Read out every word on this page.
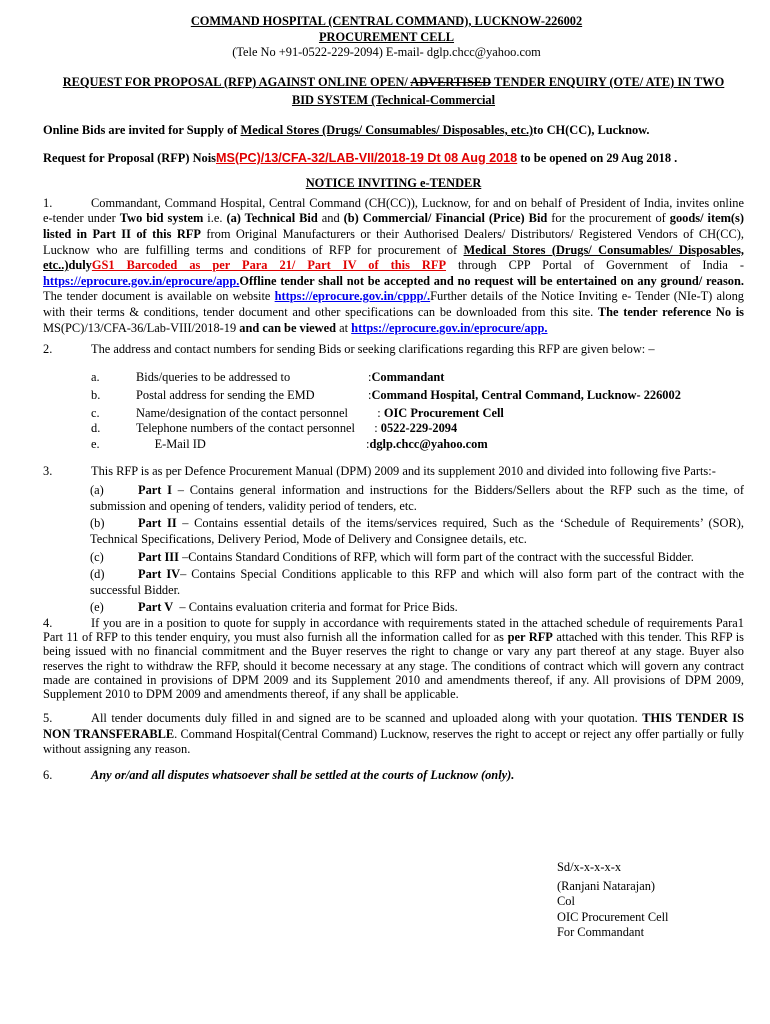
COMMAND HOSPITAL (CENTRAL COMMAND), LUCKNOW-226002

PROCUREMENT CELL

(Tele No +91-0522-229-2094) E-mail- dglp.chcc@yahoo.com

REQUEST FOR PROPOSAL (RFP) AGAINST ONLINE OPEN/ ADVERTISED TENDER ENQUIRY (OTE/ ATE) IN TWO

BID SYSTEM (Technical-Commercial

Online Bids are invited for Supply of Medical Stores (Drugs/ Consumables/ Disposables, etc.)to CH(CC), Lucknow.

Request for Proposal (RFP) NoisMS(PC)/13/CFA-32/LAB-VII/2018-19 Dt 08 Aug 2018 to be opened on 29 Aug 2018 .

NOTICE INVITING e-TENDER

1.	Commandant, Command Hospital, Central Command (CH(CC)), Lucknow, for and on behalf of President of India, invites online e-tender under Two bid system i.e. (a) Technical Bid and (b) Commercial/ Financial (Price) Bid for the procurement of goods/ item(s) listed in Part II of this RFP from Original Manufacturers or their Authorised Dealers/ Distributors/ Registered Vendors of CH(CC), Lucknow who are fulfilling terms and conditions of RFP for procurement of Medical Stores (Drugs/ Consumables/ Disposables, etc..)dulyGS1 Barcoded as per Para 21/ Part IV of this RFP through CPP Portal of Government of India - https://eprocure.gov.in/eprocure/app.Offline tender shall not be accepted and no request will be entertained on any ground/ reason. The tender document is available on website https://eprocure.gov.in/cppp/.Further details of the Notice Inviting e- Tender (NIe-T) along with their terms & conditions, tender document and other specifications can be downloaded from this site. The tender reference No is MS(PC)/13/CFA-36/Lab-VIII/2018-19 and can be viewed at https://eprocure.gov.in/eprocure/app.

2.	The address and contact numbers for sending Bids or seeking clarifications regarding this RFP are given below: –

a.	Bids/queries to be addressed to	: Commandant
b.	Postal address for sending the EMD	: Command Hospital, Central Command, Lucknow- 226002
c.	Name/designation of the contact personnel	: OIC Procurement Cell
d.	Telephone numbers of the contact personnel	: 0522-229-2094
e.	E-Mail ID	: dglp.chcc@yahoo.com

3.	This RFP is as per Defence Procurement Manual (DPM) 2009 and its supplement 2010 and divided into following five Parts:-

(a)	Part I – Contains general information and instructions for the Bidders/Sellers about the RFP such as the time, of submission and opening of tenders, validity period of tenders, etc.

(b)	Part II – Contains essential details of the items/services required, Such as the ‘Schedule of Requirements’ (SOR), Technical Specifications, Delivery Period, Mode of Delivery and Consignee details, etc.

(c)	Part III –Contains Standard Conditions of RFP, which will form part of the contract with the successful Bidder.

(d)	Part IV– Contains Special Conditions applicable to this RFP and which will also form part of the contract with the successful Bidder.

(e)	Part V  – Contains evaluation criteria and format for Price Bids.

4.	If you are in a position to quote for supply in accordance with requirements stated in the attached schedule of requirements Para1 Part 11 of RFP to this tender enquiry, you must also furnish all the information called for as per RFP attached with this tender. This RFP is being issued with no financial commitment and the Buyer reserves the right to change or vary any part thereof at any stage. Buyer also reserves the right to withdraw the RFP, should it become necessary at any stage. The conditions of contract which will govern any contract made are contained in provisions of DPM 2009 and its Supplement 2010 and amendments thereof, if any. All provisions of DPM 2009, Supplement 2010 to DPM 2009 and amendments thereof, if any shall be applicable.

5.	All tender documents duly filled in and signed are to be scanned and uploaded along with your quotation. THIS TENDER IS NON TRANSFERABLE. Command Hospital(Central Command) Lucknow, reserves the right to accept or reject any offer partially or fully without assigning any reason.

6.	Any or/and all disputes whatsoever shall be settled at the courts of Lucknow (only).

Sd/x-x-x-x-x

(Ranjani Natarajan)

Col

OIC Procurement Cell

For Commandant
